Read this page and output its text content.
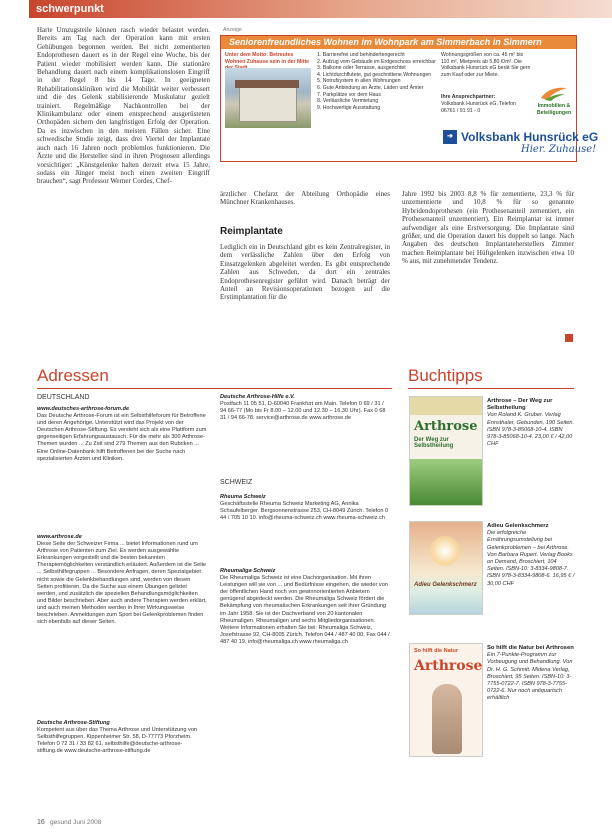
schwerpunkt
Harte Umzugsteile können rasch wieder belastet werden. Bereits am Tag nach der Operation kann mit ersten Gehübungen begonnen werden. Bei nicht zementierten Endoprothesen dauert es in der Regel eine Woche, bis der Patient wieder mobilisiert werden kann. Die stationäre Behandlung dauert nach einem komplikationslosen Eingriff in der Regel 8 bis 14 Tage. In geeigneten Rehabilitationskliniken wird die Mobilität weiter verbessert und die des Gelenk stabilisierende Muskulatur gezielt trainiert. Regelmäßige Nachkontrollen bei der Klinikambulanz oder einem entsprechend ausgerüsteten Orthopäden sichern den langfristigen Erfolg der Operation. Da es inzwischen in den meisten Fällen sicher. Eine schwedische Studie zeigt, dass drei Viertel der Implantate auch nach 16 Jahren noch problemlos funktionieren. Die Ärzte und die Hersteller sind in ihren Prognosen allerdings vorsichtiger: „Künstgelenke halten derzeit etwa 15 Jahre, sodass ein Jünger meist noch einen zweiten Eingriff brauchen“, sagt Professor Werner Cordes, Chef-
Anzeige
Seniorenfreundliches Wohnen im Wohnpark am Simmerbach in Simmern
Unter dem Motto: Betreutes Wohnen Zuhause sein in der Mitte
1. Barrierefrei und behindertengerecht
2. Aufzug vom Gebäude im Erdgeschoss erreichbar
3. Balkone oder Terrasse, ausgerichtet
4. Lichtdurchflutete, gut geschnittene Wohnungen
5. Notrufsystem in allen Wohnungen
6. Gute Anbindung an Ärzte, Läden und Ämter
7. Parkplätze vor dem Haus
8. Verlässliche Vermietung
9. Hochwertige Ausstattung
Wohnungsgrößen von ca. 45 m² bis 110 m², Mietpreis ab 5,80 €/m². Die Volksbank Hunsrück eG berät Sie gern zum Kauf oder zur Miete.
Ihre Ansprechpartner:
Volksbank Hunsrück eG, Telefon 06761 / 91 91 - 0
Immobilien & Beteiligungen
➔ Volksbank Hunsrück eG
Hier. Zuhause!
ärztlicher Chefarzt der Abteilung Orthopädie eines Münchner Krankenhauses.
Reimplantate
Lediglich ein in Deutschland gibt es kein Zentralregister, in dem verlässliche Zahlen über den Erfolg von Einsatzgelenken abgeleitet werden. Es gibt entsprechende Zahlen aus Schweden, da dort ein zentrales Endoprothesenregister geführt wird. Danach beträgt der Anteil an Revisionsoperationen bezogen auf die Erstimplantation für die
Jahre 1992 bis 2003 8,8 % für zementierte, 23,3 % für unzementierte und 10,8 % für so genannte Hybridendoprothesen (ein Prothesenanteil zementiert, ein Prothesenanteil unzementiert). Ein Reimplantat ist immer aufwendiger als eine Erstversorgung. Die Implantate sind größer, und die Operation dauert bis doppelt so lange. Nach Angaben des deutschen Implantateherstellers Zimmer machen Reimplantate bei Hüftgelenken inzwischen etwa 10 % aus, mit zunehmender Tendenz.
Adressen
DEUTSCHLAND
www.deutsches-arthrose-forum.de
Das Deutsche Arthrose-Forum ist ein Selbsthilfeforum für Betroffene und deren Angehörige. Unterstützt wird das Projekt von der Deutschen Arthrose-Stiftung. Es versteht sich als eine Plattform zum gegenseitigen Erfahrungsaustausch. Für die mehr als 300 Arthrose-Themen wurden ... Zu Zeit sind 279 Themen aus den Rubriken ... Eine Online-Datenbank hilft Betroffenen bei der Suche nach spezialisierten Ärzten und Kliniken.
www.arthrose.de
Diese Seite der Schweizer Firma ... bietet Informationen rund um Arthrose von Patienten zum Ziel. Es werden ausgewählte Erkrankungen vorgestellt und die besten bekannten Therapiemöglichkeiten verständlich erläutert. Außerdem ist die Seite ... Selbsthilfegruppen ... Besondere Anfragen, deren Spezialgebiet nicht sowie die Gelenkbehandlungen sind, werden von diesen Seiten profitieren. Da die Suche aus einem Übungen gelistet werden, und zusätzlich die speziellen Behandlungsmöglichkeiten und Bilder beschrieben. Aber auch andere Therapien werden erklärt, und auch meinen Methoden werden in Ihrer Wirkungsweise beschrieben. Anmeldungen zum Sport bei Gelenkproblemen finden sich ebenfalls auf dieser Seiten.
Deutsche Arthrose-Stiftung
Kompetent aus über das Thema Arthrose und Unterstützung von Selbsthilfegruppen. Kippenheimer Str. 58, D-77773 Pforzheim. Telefon 0 72 31 / 33 82 61. selbsthilfe@deutsche-arthrose-stiftung.de www.deutsche-arthrose-stiftung.de
Deutsche Arthrose-Hilfe e.V.
Postfach 11 05 51, D-60040 Frankfurt am Main. Telefon 0 69 / 31 / 94 66-77 (Mo bis Fr 8.00 – 12.00 und 12.30 – 16.30 Uhr). Fax 0 68 31 / 94 66-78. service@arthrose.de www.arthrose.de
SCHWEIZ
Rheuma Schweiz
Geschäftsstelle Rheuma Schweiz Marketing AG, Annika Schaufelberger. Bergsonnenstrasse 253, CH-8049 Zürich. Telefon 0 44 / 705 10 10. info@rheuma-schweiz.ch www.rheuma-schweiz.ch
Rheumaliga Schweiz
Die Rheumaliga Schweiz ist eine Dachorganisation. Mit ihren Leistungen will sie von ... und Bedürfnisse eingehen, die wieder von der öffentlichen Hand noch von gewinnorientierten Anbietern genügend abgedeckt werden. Die Rheumaliga Schweiz fördert die Bekämpfung von rheumatischen Erkrankungen seit ihrer Gründung im Jahr 1958. Sie ist der Dachverband von 20 kantonalen Rheumaligen. Rheumaligen und sechs Mitgliedorganisationen. Weitere Informationen erhalten Sie bei: Rheumaliga Schweiz, Josefstrasse 92, CH-8005 Zürich. Telefon 044 / 487 40 00, Fax 044 / 487 40 19. info@rheumaliga.ch www.rheumaliga.ch
Buchtipps
Arthrose
Der Weg zur Selbstheilung
Arthrose – Der Weg zur Selbstheilung
Von Roland K. Gruber. Verlag Ennsthaler, Gebunden, 190 Seiten. ISBN 978-3-85068-10-4. ISBN 978-3-85068-10-4. 23,00 € / 42,00 CHF
Adieu Gelenkschmerz
Adieu Gelenkschmerz
Die erfolgreiche Ernährungsumstellung bei Gelenkproblemen – bei Arthrose. Von Barbara Rupert. Verlag Books on Demand, Broschiert, 104 Seiten. ISBN-10: 3-8334-9808-7. ISBN 978-3-8334-9808-6. 16,95 € / 30,00 CHF
So hilft die Natur
Arthrose
So hilft die Natur bei Arthrosen
Ein 7-Punkte-Programm zur Vorbeugung und Behandlung. Von Dr. H. G. Schmitt. Midena Verlag, Broschiert, 95 Seiten. ISBN-10: 3-7755-0722-7. ISBN 978-3-7755-0722-6. Nur noch antiquarisch erhältlich
16 gesund Juni 2008
